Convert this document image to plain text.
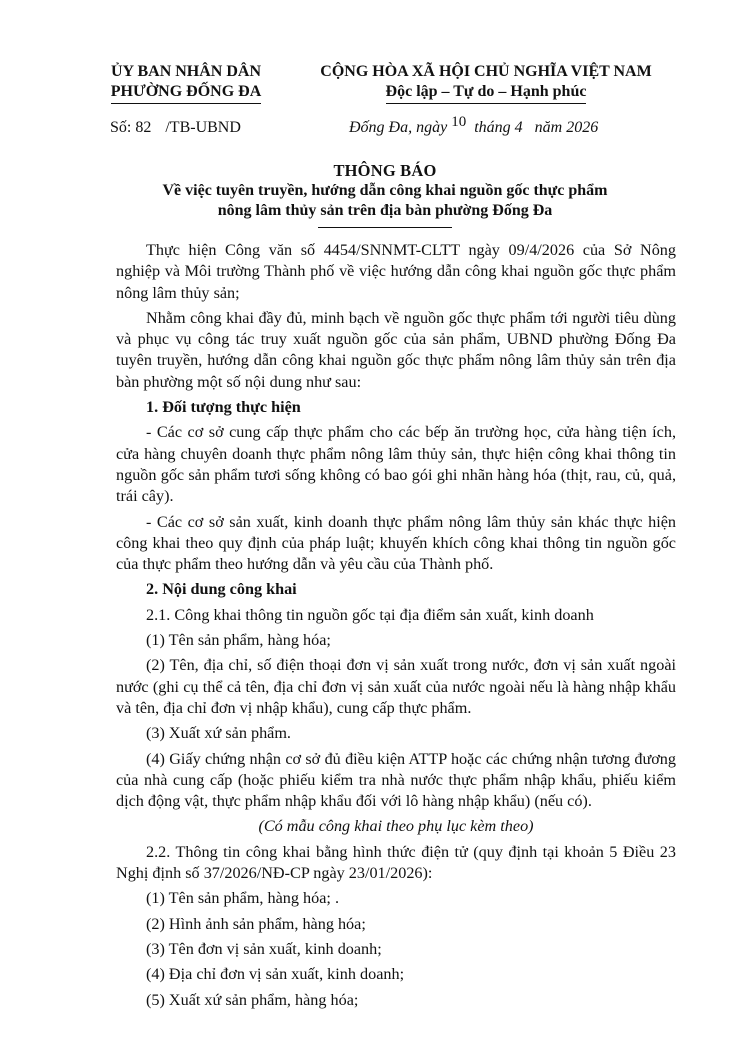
ỦY BAN NHÂN DÂN
PHƯỜNG ĐỐNG ĐA
CỘNG HÒA XÃ HỘI CHỦ NGHĨA VIỆT NAM
Độc lập – Tự do – Hạnh phúc
Số: 82 /TB-UBND	Đống Đa, ngày 10 tháng 4 năm 2026
THÔNG BÁO
Về việc tuyên truyền, hướng dẫn công khai nguồn gốc thực phẩm
nông lâm thủy sản trên địa bàn phường Đống Đa

Thực hiện Công văn số 4454/SNNMT-CLTT ngày 09/4/2026 của Sở Nông nghiệp và Môi trường Thành phố về việc hướng dẫn công khai nguồn gốc thực phẩm nông lâm thủy sản;

Nhằm công khai đầy đủ, minh bạch về nguồn gốc thực phẩm tới người tiêu dùng và phục vụ công tác truy xuất nguồn gốc của sản phẩm, UBND phường Đống Đa tuyên truyền, hướng dẫn công khai nguồn gốc thực phẩm nông lâm thủy sản trên địa bàn phường một số nội dung như sau:

1. Đối tượng thực hiện

- Các cơ sở cung cấp thực phẩm cho các bếp ăn trường học, cửa hàng tiện ích, cửa hàng chuyên doanh thực phẩm nông lâm thủy sản, thực hiện công khai thông tin nguồn gốc sản phẩm tươi sống không có bao gói ghi nhãn hàng hóa (thịt, rau, củ, quả, trái cây).

- Các cơ sở sản xuất, kinh doanh thực phẩm nông lâm thủy sản khác thực hiện công khai theo quy định của pháp luật; khuyến khích công khai thông tin nguồn gốc của thực phẩm theo hướng dẫn và yêu cầu của Thành phố.

2. Nội dung công khai

2.1. Công khai thông tin nguồn gốc tại địa điểm sản xuất, kinh doanh

(1) Tên sản phẩm, hàng hóa;

(2) Tên, địa chỉ, số điện thoại đơn vị sản xuất trong nước, đơn vị sản xuất ngoài nước (ghi cụ thể cả tên, địa chỉ đơn vị sản xuất của nước ngoài nếu là hàng nhập khẩu và tên, địa chỉ đơn vị nhập khẩu), cung cấp thực phẩm.

(3) Xuất xứ sản phẩm.

(4) Giấy chứng nhận cơ sở đủ điều kiện ATTP hoặc các chứng nhận tương đương của nhà cung cấp (hoặc phiếu kiểm tra nhà nước thực phẩm nhập khẩu, phiếu kiểm dịch động vật, thực phẩm nhập khẩu đối với lô hàng nhập khẩu) (nếu có).

(Có mẫu công khai theo phụ lục kèm theo)

2.2. Thông tin công khai bằng hình thức điện tử (quy định tại khoản 5 Điều 23 Nghị định số 37/2026/NĐ-CP ngày 23/01/2026):

(1) Tên sản phẩm, hàng hóa; .

(2) Hình ảnh sản phẩm, hàng hóa;

(3) Tên đơn vị sản xuất, kinh doanh;

(4) Địa chỉ đơn vị sản xuất, kinh doanh;

(5) Xuất xứ sản phẩm, hàng hóa;
